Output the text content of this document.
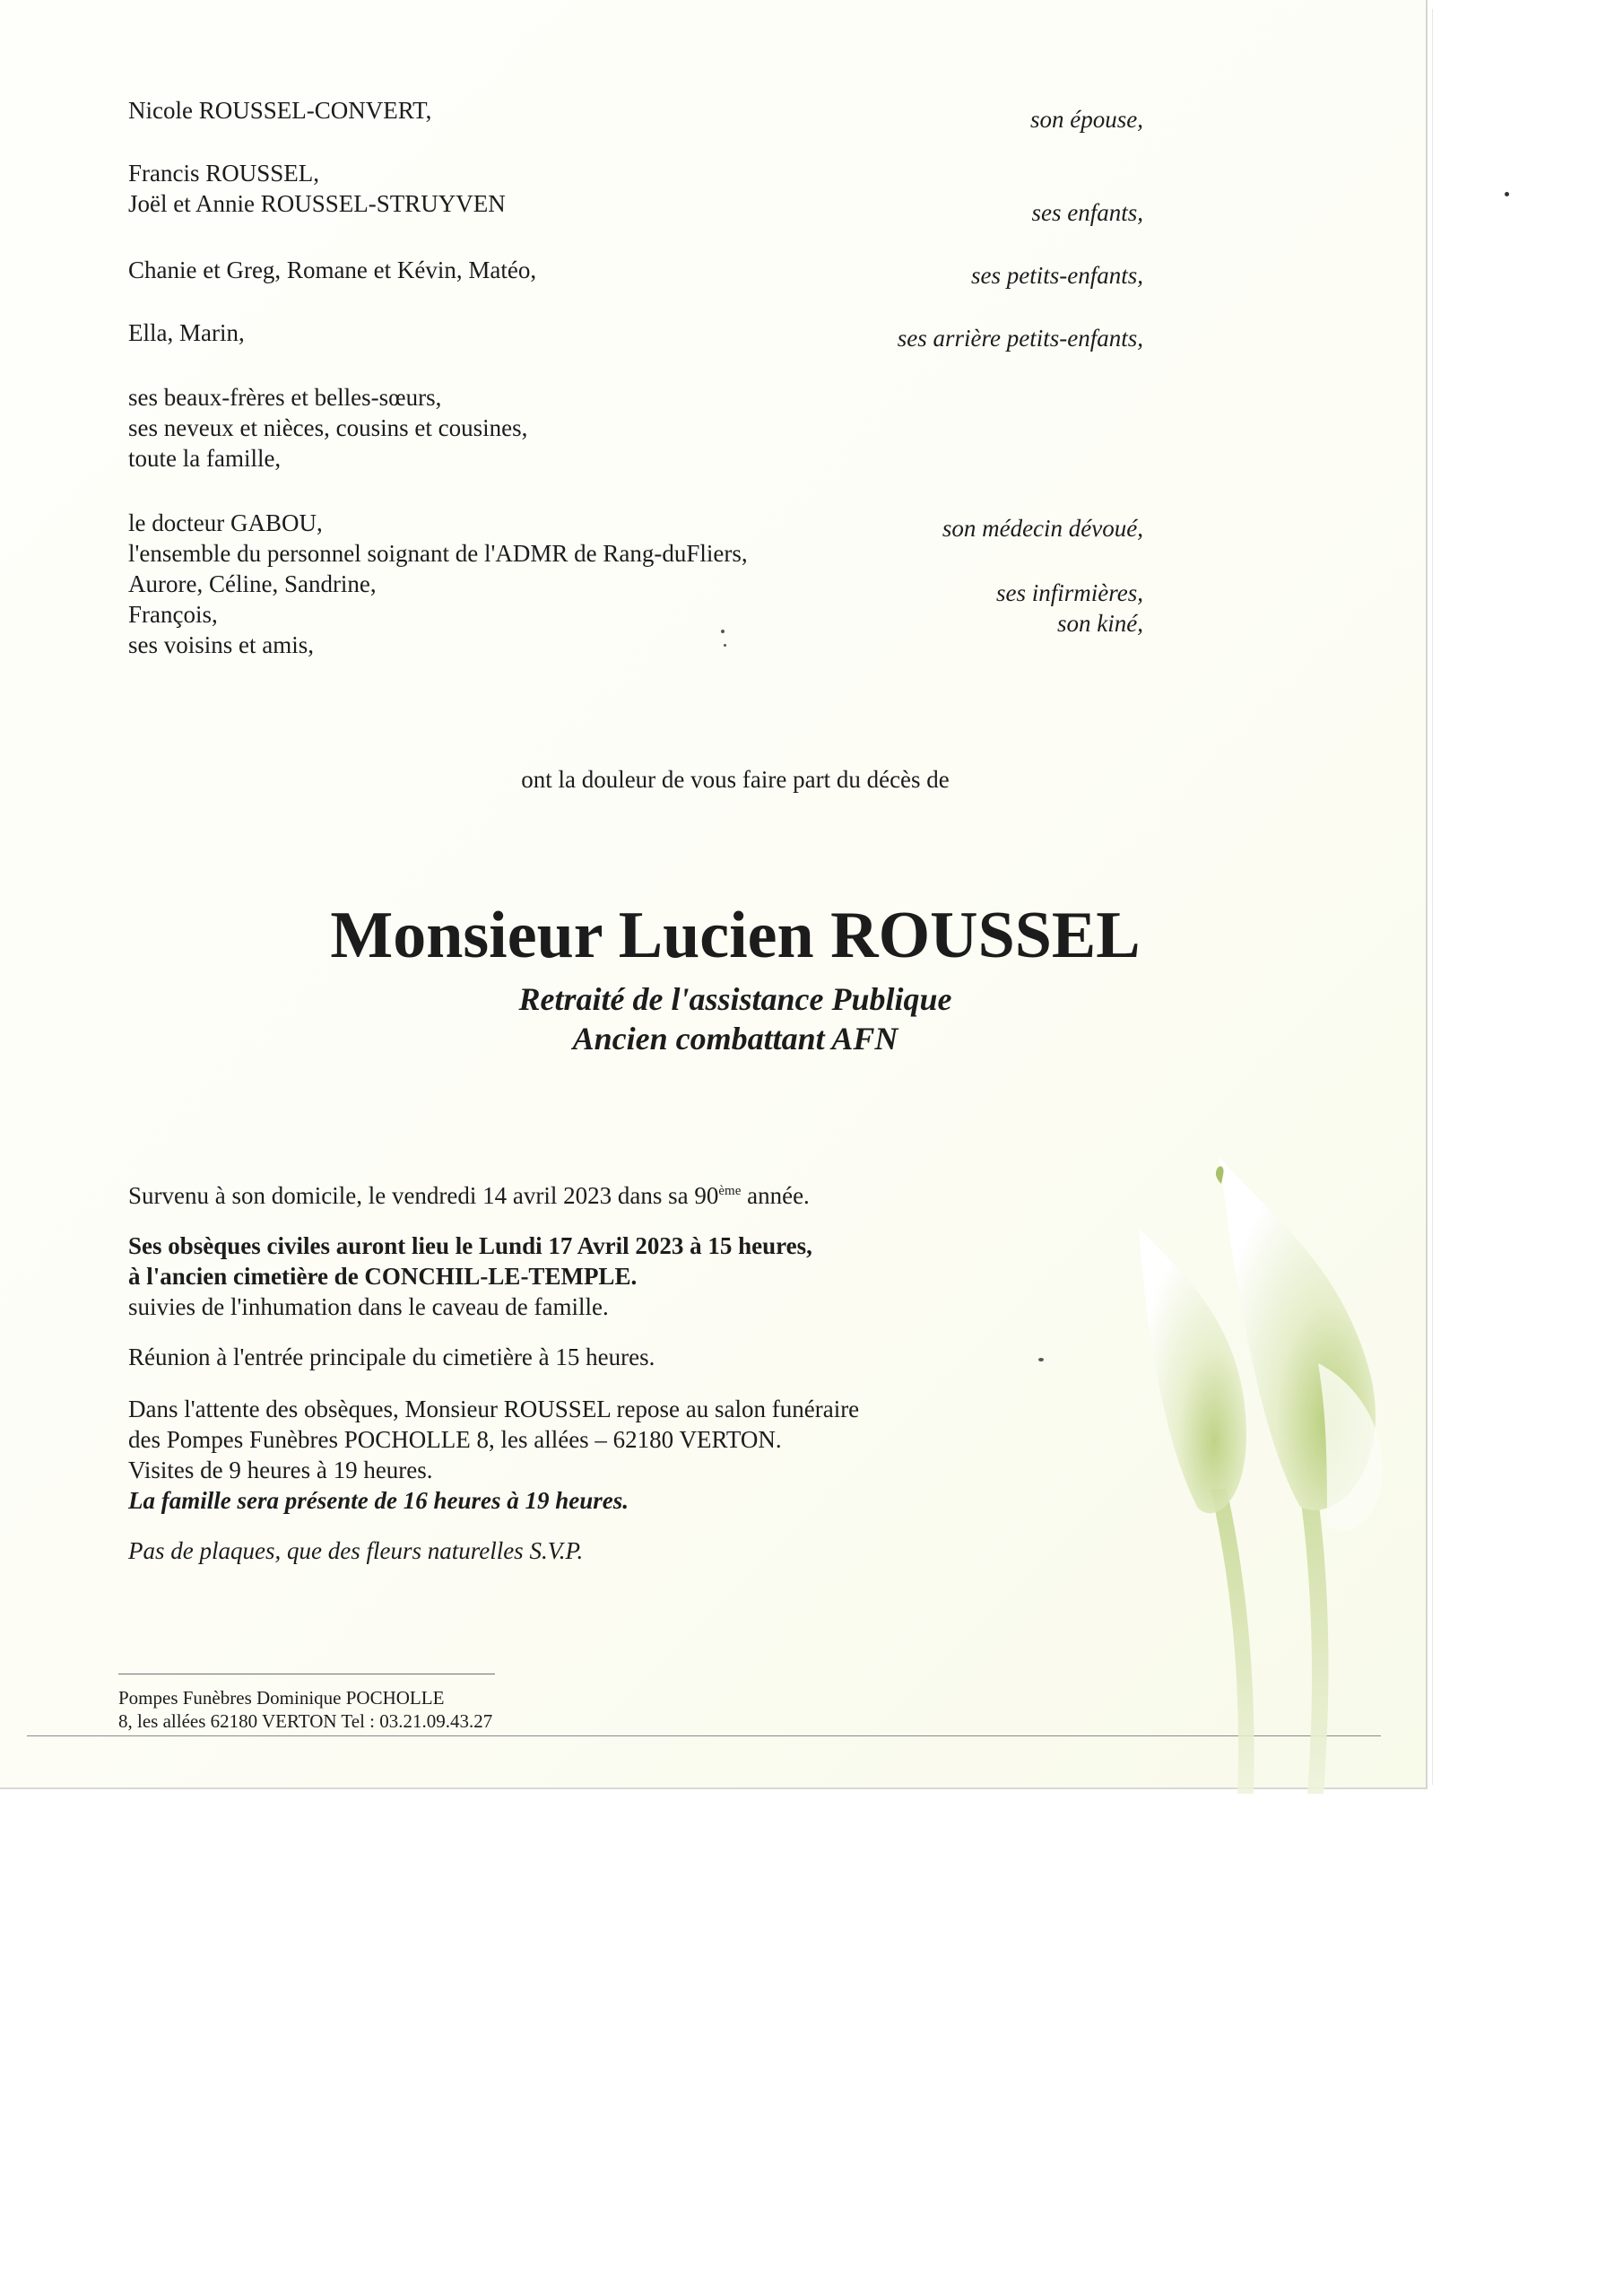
Nicole ROUSSEL-CONVERT,
Francis ROUSSEL,
Joël et Annie ROUSSEL-STRUYVEN
Chanie et Greg, Romane et Kévin, Matéo,
Ella, Marin,
ses beaux-frères et belles-sœurs,
ses neveux et nièces, cousins et cousines,
toute la famille,
le docteur GABOU,
l'ensemble du personnel soignant de l'ADMR de Rang-duFliers,
Aurore, Céline, Sandrine,
François,
ses voisins et amis,
son épouse,
ses enfants,
ses petits-enfants,
ses arrière petits-enfants,
son médecin dévoué,
ses infirmières,
son kiné,
ont la douleur de vous faire part du décès de
Monsieur Lucien ROUSSEL
Retraité de l'assistance Publique
Ancien combattant AFN
Survenu à son domicile, le vendredi 14 avril 2023 dans sa 90ème année.
Ses obsèques civiles auront lieu le Lundi 17 Avril 2023 à 15 heures,
à l'ancien cimetière de CONCHIL-LE-TEMPLE.
suivies de l'inhumation dans le caveau de famille.
Réunion à l'entrée principale du cimetière à 15 heures.
Dans l'attente des obsèques, Monsieur ROUSSEL repose au salon funéraire
des Pompes Funèbres POCHOLLE 8, les allées – 62180 VERTON.
Visites de 9 heures à 19 heures.
La famille sera présente de 16 heures à 19 heures.
Pas de plaques, que des fleurs naturelles S.V.P.
Pompes Funèbres Dominique POCHOLLE
8, les allées 62180 VERTON Tel : 03.21.09.43.27
